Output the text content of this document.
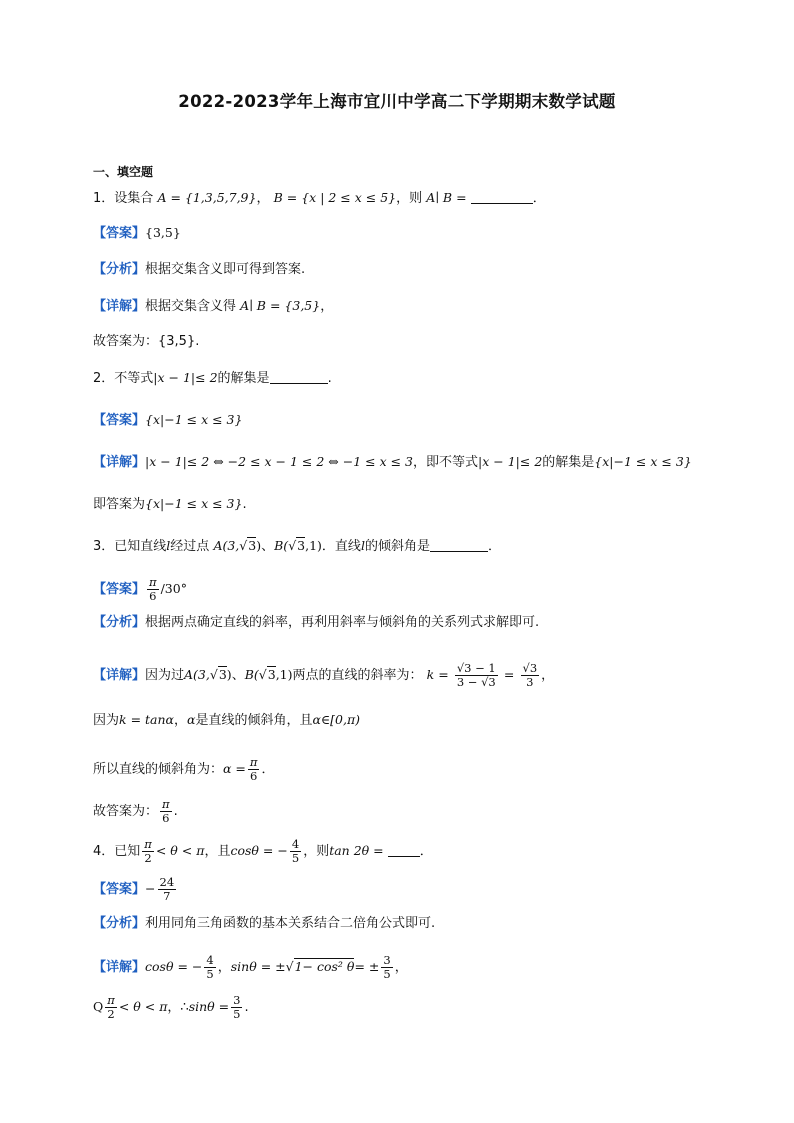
2022-2023学年上海市宜川中学高二下学期期末数学试题
一、填空题
1．设集合 A = {1,3,5,7,9}， B = {x | 2 ≤ x ≤ 5}，则 A∣ B =	．
【答案】{3,5}
【分析】根据交集含义即可得到答案.
【详解】根据交集含义得 A∣ B = {3,5}，
故答案为：{3,5}.
2．不等式|x − 1|≤ 2的解集是	.
【答案】{x|−1 ≤ x ≤ 3}
【详解】|x − 1|≤ 2 ⇔ −2 ≤ x − 1 ≤ 2 ⇔ −1 ≤ x ≤ 3，即不等式|x − 1|≤ 2的解集是{x|−1 ≤ x ≤ 3}
即答案为{x|−1 ≤ x ≤ 3}.
3．已知直线l经过点 A(3,√3)、B(√3,1)．直线l的倾斜角是	．
【答案】 $\frac{\pi}{6} /30^\circ$
【分析】根据两点确定直线的斜率，再利用斜率与倾斜角的关系列式求解即可.
【详解】因为过A(3,√3)、B(√3,1)两点的直线的斜率为： $k = \frac{√3 - 1}{3 - √3} = \frac{√3}{3}$ ，
因为k = tanα，α是直线的倾斜角，且α∈[0,π)
所以直线的倾斜角为：$\alpha = \frac{\pi}{6}$ ．
故答案为： $\frac{\pi}{6}$ .
4．已知 $\frac{\pi}{2} < \theta < \pi$，且cosθ = − $\frac{4}{5}$ ，则tan 2θ =	．
【答案】− $\frac{24}{7}$
【分析】利用同角三角函数的基本关系结合二倍角公式即可.
【详解】cosθ = − $\frac{4}{5}$ ，sinθ = ±√1− cos² $\theta= \pm \frac{3}{5}$ ，
Q $\frac{\pi}{2} < \theta < \pi$，∴sinθ = $\frac{3}{5}$ .
